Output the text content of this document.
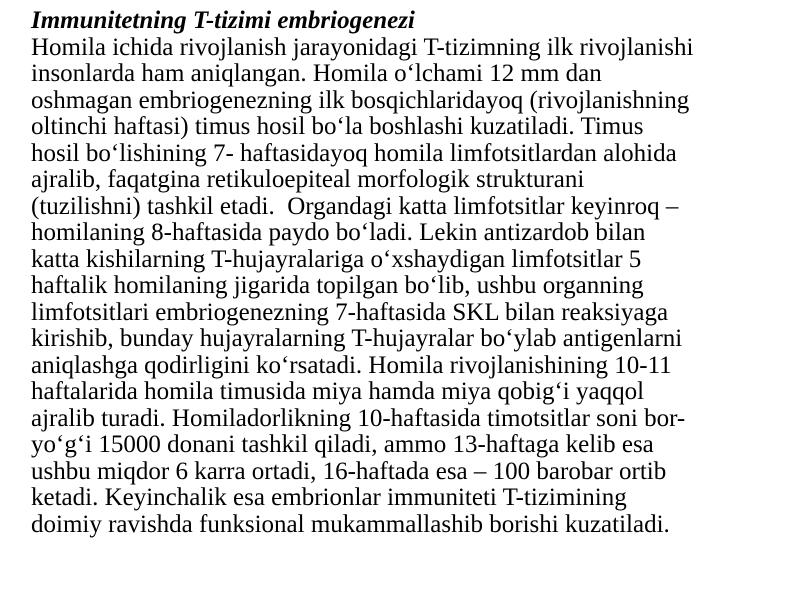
Immunitetning T-tizimi embriogenezi
Homila ichida rivojlanish jarayonidagi T-tizimning ilk rivojlanishi
insonlarda ham aniqlangan. Homila o‘lchami 12 mm dan
oshmagan embriogenezning ilk bosqichlaridayoq (rivojlanishning
oltinchi haftasi) timus hosil bo‘la boshlashi kuzatiladi. Timus
hosil bo‘lishining 7- haftasidayoq homila limfotsitlardan alohida
ajralib, faqatgina retikuloepiteal morfologik strukturani
(tuzilishni) tashkil etadi.  Organdagi katta limfotsitlar keyinroq –
homilaning 8-haftasida paydo bo‘ladi. Lekin antizardob bilan
katta kishilarning T-hujayralariga o‘xshaydigan limfotsitlar 5
haftalik homilaning jigarida topilgan bo‘lib, ushbu organning
limfotsitlari embriogenezning 7-haftasida SKL bilan reaksiyaga
kirishib, bunday hujayralarning T-hujayralar bo‘ylab antigenlarni
aniqlashga qodirligini ko‘rsatadi. Homila rivojlanishining 10-11
haftalarida homila timusida miya hamda miya qobig‘i yaqqol
ajralib turadi. Homiladorlikning 10-haftasida timotsitlar soni bor-
yo‘g‘i 15000 donani tashkil qiladi, ammo 13-haftaga kelib esa
ushbu miqdor 6 karra ortadi, 16-haftada esa – 100 barobar ortib
ketadi. Keyinchalik esa embrionlar immuniteti T-tizimining
doimiy ravishda funksional mukammallashib borishi kuzatiladi.
